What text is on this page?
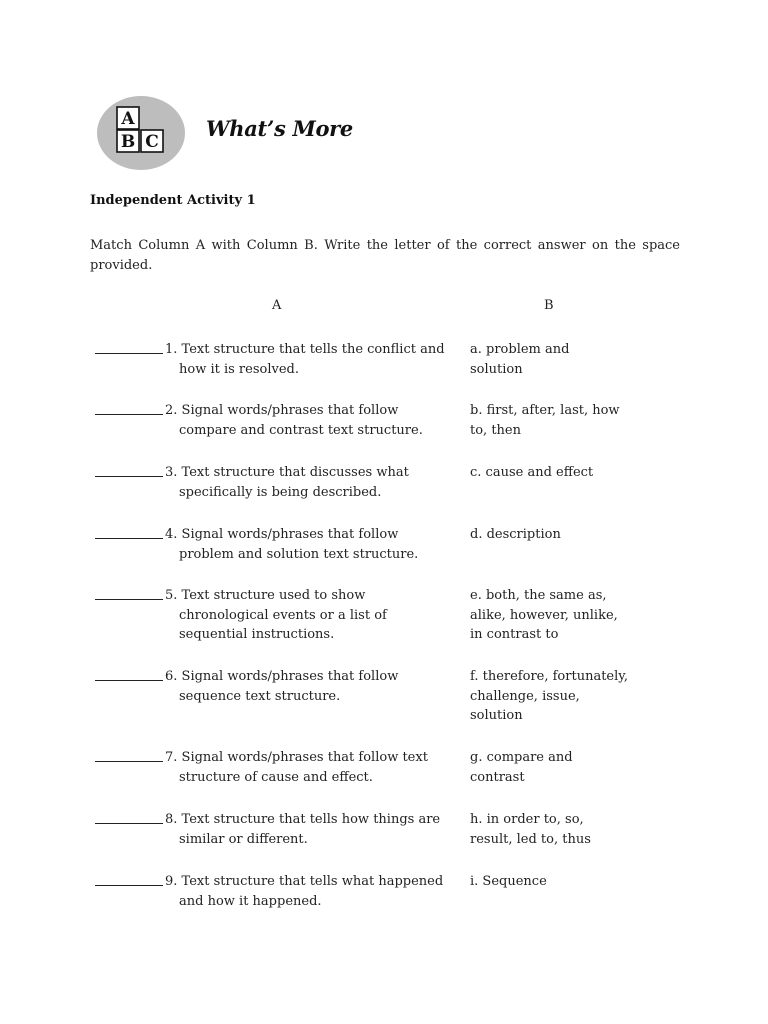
A
B C
What’s More
Independent Activity 1
Match Column A with Column B. Write the letter of the correct answer on the space provided.
A	B
1. Text structure that tells the conflict and
how it is resolved.
a. problem and
solution
2. Signal words/phrases that follow
compare and contrast text structure.
b. first, after, last, how
to, then
3. Text structure that discusses what
specifically is being described.
c. cause and effect
4. Signal words/phrases that follow
problem and solution text structure.
d. description
5. Text structure used to show
chronological events or a list of
sequential instructions.
e. both, the same as,
alike, however, unlike,
in contrast to
6. Signal words/phrases that follow
sequence text structure.
f. therefore, fortunately,
challenge, issue,
solution
7. Signal words/phrases that follow text
structure of cause and effect.
g. compare and
contrast
8. Text structure that tells how things are
similar or different.
h. in order to, so,
result, led to, thus
9. Text structure that tells what happened
and how it happened.
i. Sequence
